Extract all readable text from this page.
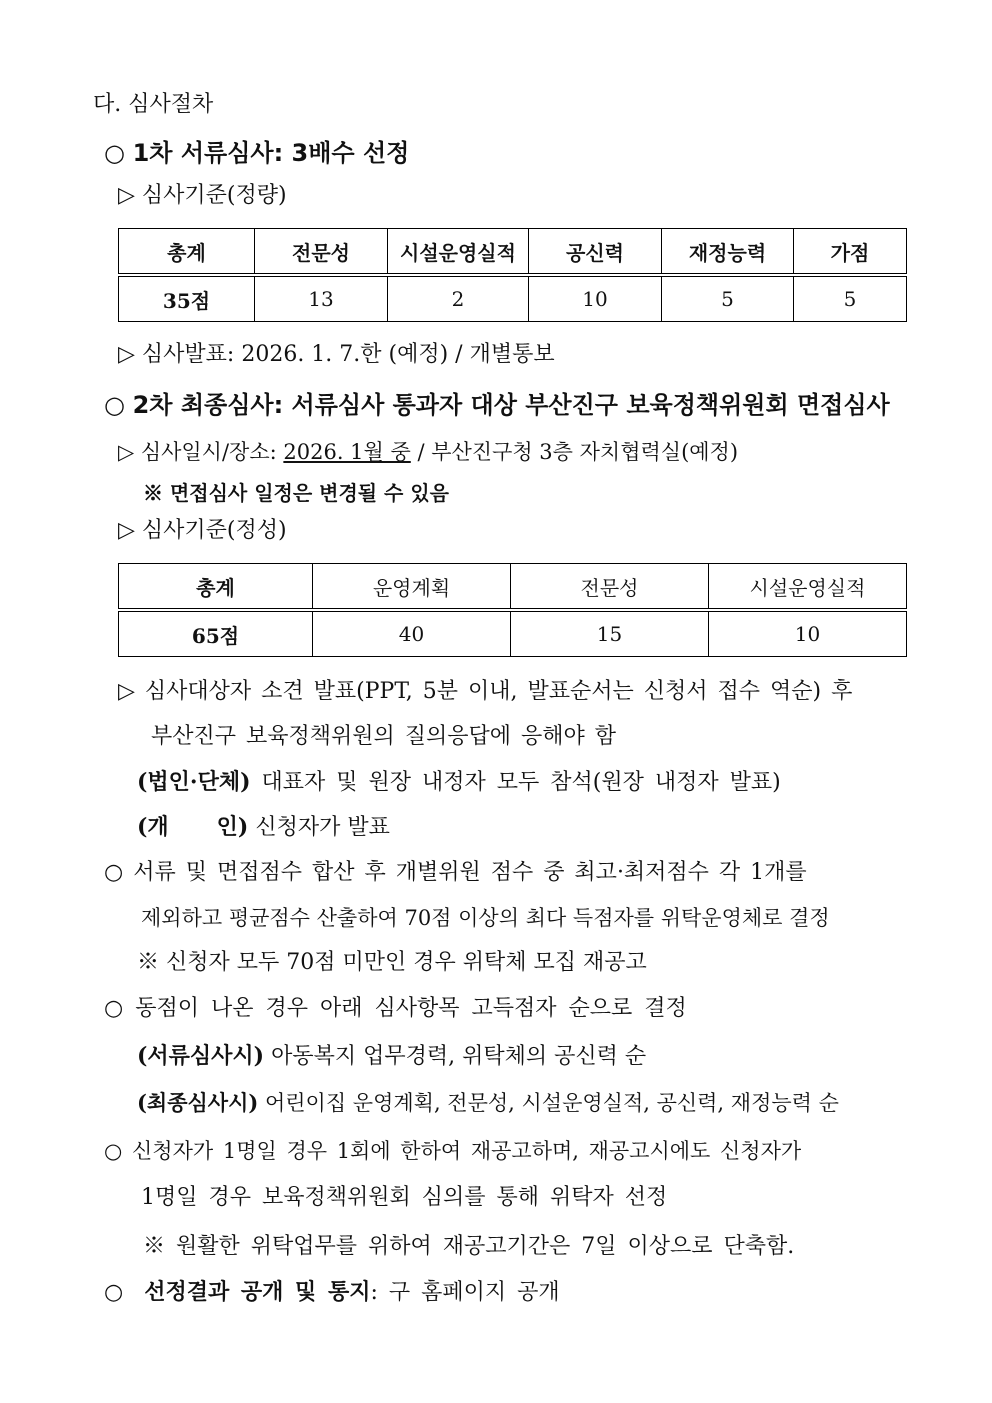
다. 심사절차
○ 1차 서류심사: 3배수 선정
▷ 심사기준(정량)
총계	전문성	시설운영실적	공신력	재정능력	가점
35점	13	2	10	5	5
▷ 심사발표: 2026. 1. 7.한 (예정) / 개별통보
○ 2차 최종심사: 서류심사 통과자 대상 부산진구 보육정책위원회 면접심사
▷ 심사일시/장소: 2026. 1월 중 / 부산진구청 3층 자치협력실(예정)
※ 면접심사 일정은 변경될 수 있음
▷ 심사기준(정성)
총계	운영계획	전문성	시설운영실적
65점	40	15	10
▷ 심사대상자 소견 발표(PPT, 5분 이내, 발표순서는 신청서 접수 역순) 후
부산진구 보육정책위원의 질의응답에 응해야 함
(법인·단체) 대표자 및 원장 내정자 모두 참석(원장 내정자 발표)
(개 인) 신청자가 발표
○ 서류 및 면접점수 합산 후 개별위원 점수 중 최고·최저점수 각 1개를
제외하고 평균점수 산출하여 70점 이상의 최다 득점자를 위탁운영체로 결정
※ 신청자 모두 70점 미만인 경우 위탁체 모집 재공고
○ 동점이 나온 경우 아래 심사항목 고득점자 순으로 결정
(서류심사시) 아동복지 업무경력, 위탁체의 공신력 순
(최종심사시) 어린이집 운영계획, 전문성, 시설운영실적, 공신력, 재정능력 순
○ 신청자가 1명일 경우 1회에 한하여 재공고하며, 재공고시에도 신청자가
1명일 경우 보육정책위원회 심의를 통해 위탁자 선정
※ 원활한 위탁업무를 위하여 재공고기간은 7일 이상으로 단축함.
○ 선정결과 공개 및 통지: 구 홈페이지 공개
